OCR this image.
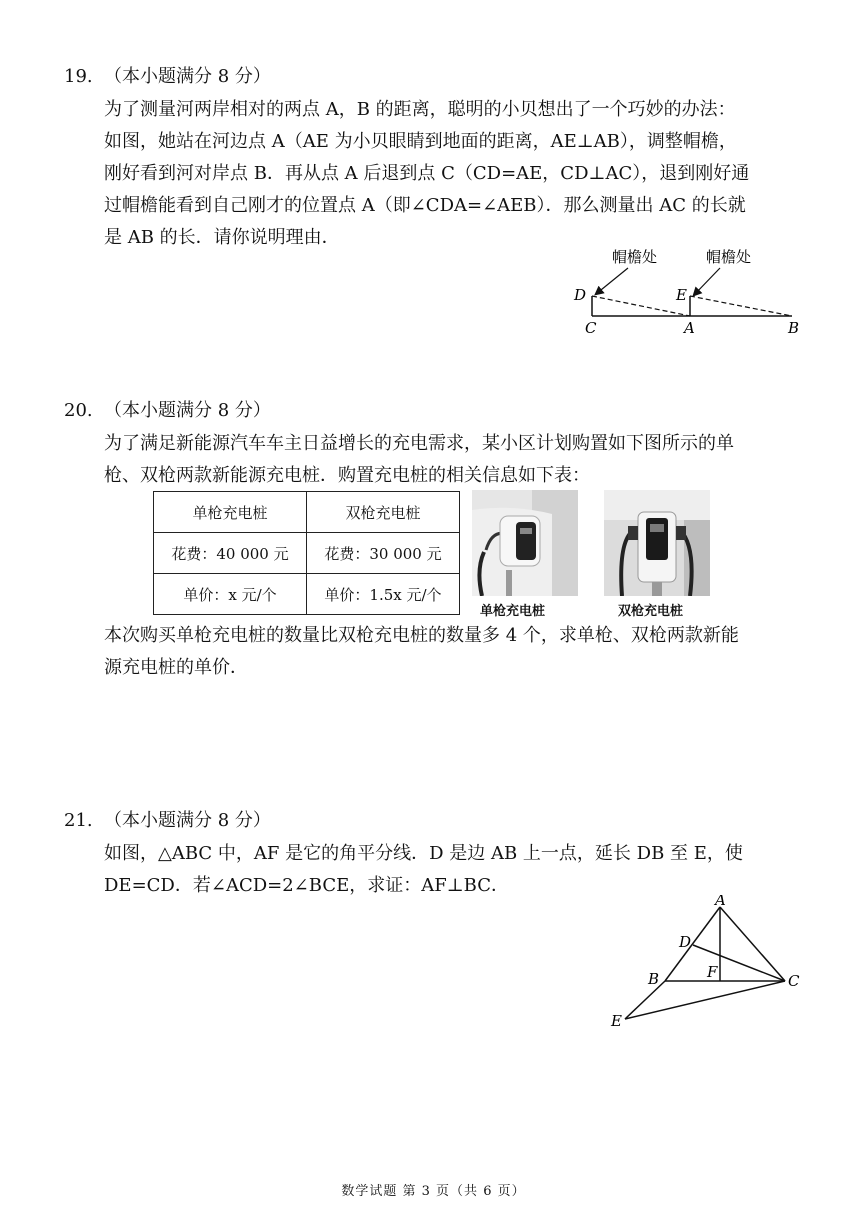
19. （本小题满分 8 分）

为了测量河两岸相对的两点 A，B 的距离，聪明的小贝想出了一个巧妙的办法：
如图，她站在河边点 A（AE 为小贝眼睛到地面的距离，AE⊥AB），调整帽檐，
刚好看到河对岸点 B．再从点 A 后退到点 C（CD=AE，CD⊥AC），退到刚好通
过帽檐能看到自己刚才的位置点 A（即∠CDA=∠AEB）．那么测量出 AC 的长就
是 AB 的长．请你说明理由．

帽檐处	帽檐处
D	E
C	A	B

20. （本小题满分 8 分）

为了满足新能源汽车车主日益增长的充电需求，某小区计划购置如下图所示的单
枪、双枪两款新能源充电桩．购置充电桩的相关信息如下表：

单枪充电桩	双枪充电桩
花费：40 000 元	花费：30 000 元
单价：x 元/个	单价：1.5x 元/个
单枪充电桩	双枪充电桩

本次购买单枪充电桩的数量比双枪充电桩的数量多 4 个，求单枪、双枪两款新能
源充电桩的单价．

21. （本小题满分 8 分）

如图，△ABC 中，AF 是它的角平分线．D 是边 AB 上一点，延长 DB 至 E，使
DE=CD．若∠ACD=2∠BCE，求证：AF⊥BC．

A
D
B	F	C
E
数学试题 第 3 页（共 6 页）
